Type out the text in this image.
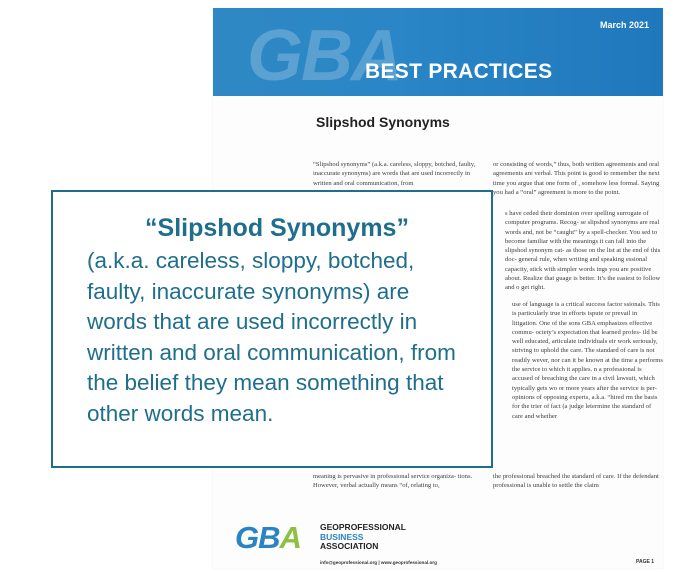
GBA	March 2021
BEST PRACTICES
Slipshod Synonyms

“Slipshod synonyms” (a.k.a. careless, sloppy, botched, faulty, inaccurate synonyms) are words that are used incorrectly in written and oral communication, from

or consisting of words,” thus, both written agreements and oral agreements are verbal. This point is good to remember the next time you argue that one form of , somehow less formal. Saying you had a “oral” agreement is more to the point.

s have ceded their dominion over spelling surrogate of computer programs. Recog- se slipshod synonyms are real words and, not be “caught” by a spell-checker. You sed to become familiar with the meanings it can fall into the slipshod synonym cat- as those on the list at the end of this doc- general rule, when writing and speaking essional capacity, stick with simpler words ings you are positive about. Realize that guage is better. It’s the easiest to follow and o get right.

use of language is a critical success factor ssionals. This is particularly true in efforts ispute or prevail in litigation. One of the sons GBA emphasizes effective commu- ociety’s expectation that learned profes- ild be well educated, articulate individuals eir work seriously, striving to uphold the care. The standard of care is not readily wever, nor can it be known at the time a performs the service to which it applies. n a professional is accused of breaching the care in a civil lawsuit, which typically gets wo or more years after the service is per- opinions of opposing experts, a.k.a. “hired rm the basis for the trier of fact (a judge letermine the standard of care and whether

meaning is pervasive in professional service organiza- tions. However, verbal actually means “of, relating to,

the professional breached the standard of care. If the defendant professional is unable to settle the claim

“Slipshod Synonyms”

(a.k.a. careless, sloppy, botched, faulty, inaccurate synonyms) are words that are used incorrectly in written and oral communication, from the belief they mean something that other words mean.

GBA GEOPROFESSIONAL
BUSINESS
ASSOCIATION
info@geoprofessional.org | www.geoprofessional.org	PAGE 1
